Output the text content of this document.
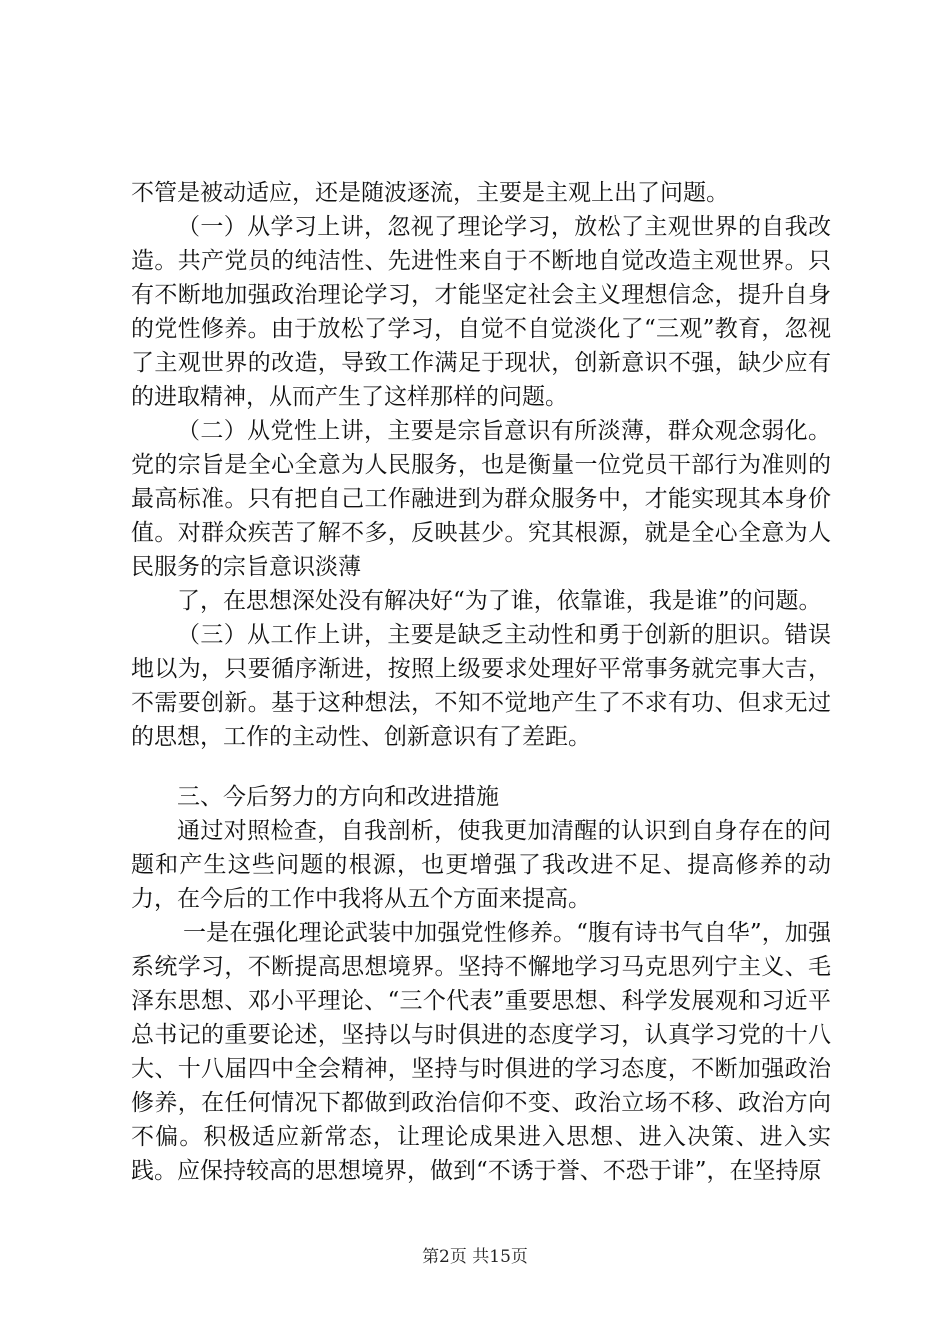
不管是被动适应，还是随波逐流，主要是主观上出了问题。

（一）从学习上讲，忽视了理论学习，放松了主观世界的自我改造。共产党员的纯洁性、先进性来自于不断地自觉改造主观世界。只有不断地加强政治理论学习，才能坚定社会主义理想信念，提升自身的党性修养。由于放松了学习，自觉不自觉淡化了“三观”教育，忽视了主观世界的改造，导致工作满足于现状，创新意识不强，缺少应有的进取精神，从而产生了这样那样的问题。

（二）从党性上讲，主要是宗旨意识有所淡薄，群众观念弱化。党的宗旨是全心全意为人民服务，也是衡量一位党员干部行为准则的最高标准。只有把自己工作融进到为群众服务中，才能实现其本身价值。对群众疾苦了解不多，反映甚少。究其根源，就是全心全意为人民服务的宗旨意识淡薄

了，在思想深处没有解决好“为了谁，依靠谁，我是谁”的问题。

（三）从工作上讲，主要是缺乏主动性和勇于创新的胆识。错误地以为，只要循序渐进，按照上级要求处理好平常事务就完事大吉，不需要创新。基于这种想法，不知不觉地产生了不求有功、但求无过的思想，工作的主动性、创新意识有了差距。

三、今后努力的方向和改进措施

通过对照检查，自我剖析，使我更加清醒的认识到自身存在的问题和产生这些问题的根源，也更增强了我改进不足、提高修养的动力，在今后的工作中我将从五个方面来提高。

一是在强化理论武装中加强党性修养。“腹有诗书气自华”，加强系统学习，不断提高思想境界。坚持不懈地学习马克思列宁主义、毛泽东思想、邓小平理论、“三个代表”重要思想、科学发展观和习近平总书记的重要论述，坚持以与时俱进的态度学习，认真学习党的十八大、十八届四中全会精神，坚持与时俱进的学习态度，不断加强政治修养，在任何情况下都做到政治信仰不变、政治立场不移、政治方向不偏。积极适应新常态，让理论成果进入思想、进入决策、进入实践。应保持较高的思想境界，做到“不诱于誉、不恐于诽”，在坚持原

第2页 共15页
